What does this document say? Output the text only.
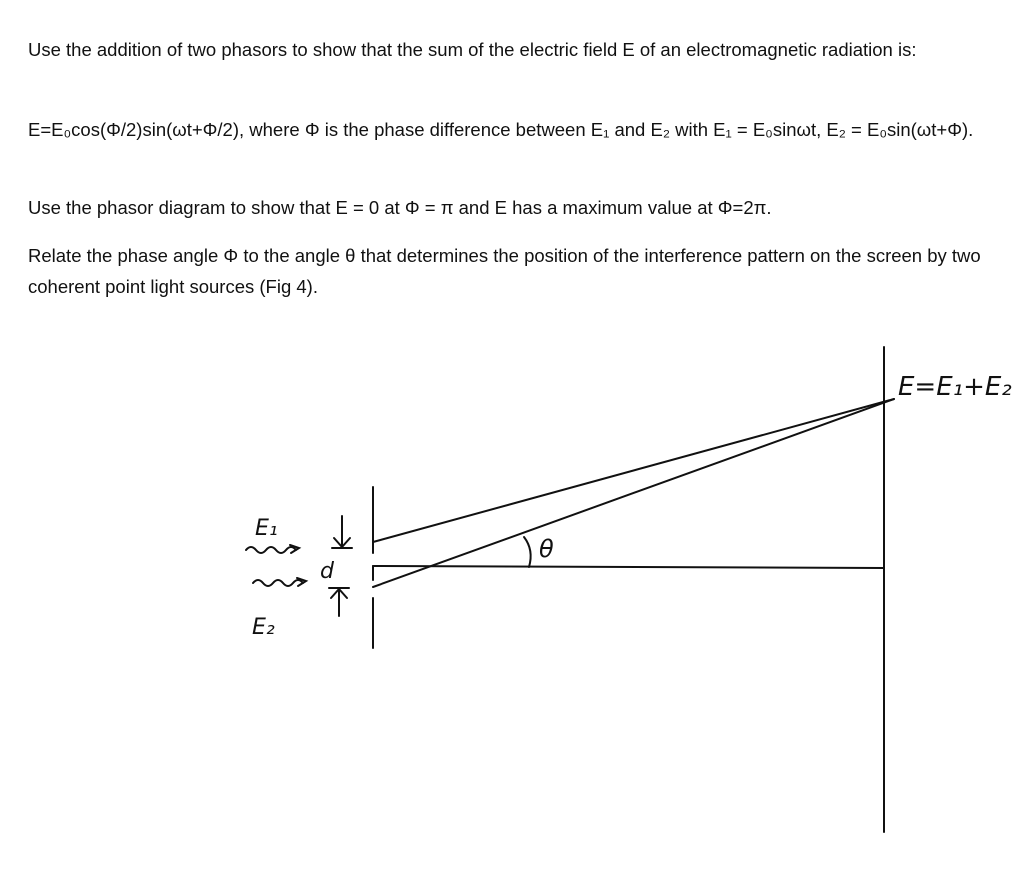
Use the addition of two phasors to show that the sum of the electric field E of an electromagnetic radiation is:

E=E₀cos(Φ/2)sin(ωt+Φ/2), where Φ is the phase difference between E₁ and E₂ with E₁ = E₀sinωt, E₂ = E₀sin(ωt+Φ).

Use the phasor diagram to show that E = 0 at Φ = π and E has a maximum value at Φ=2π.

Relate the phase angle Φ to the angle θ that determines the position of the interference pattern on the screen by two coherent point light sources (Fig 4).

E=E₁+E₂
E₁
E₂
d
θ
